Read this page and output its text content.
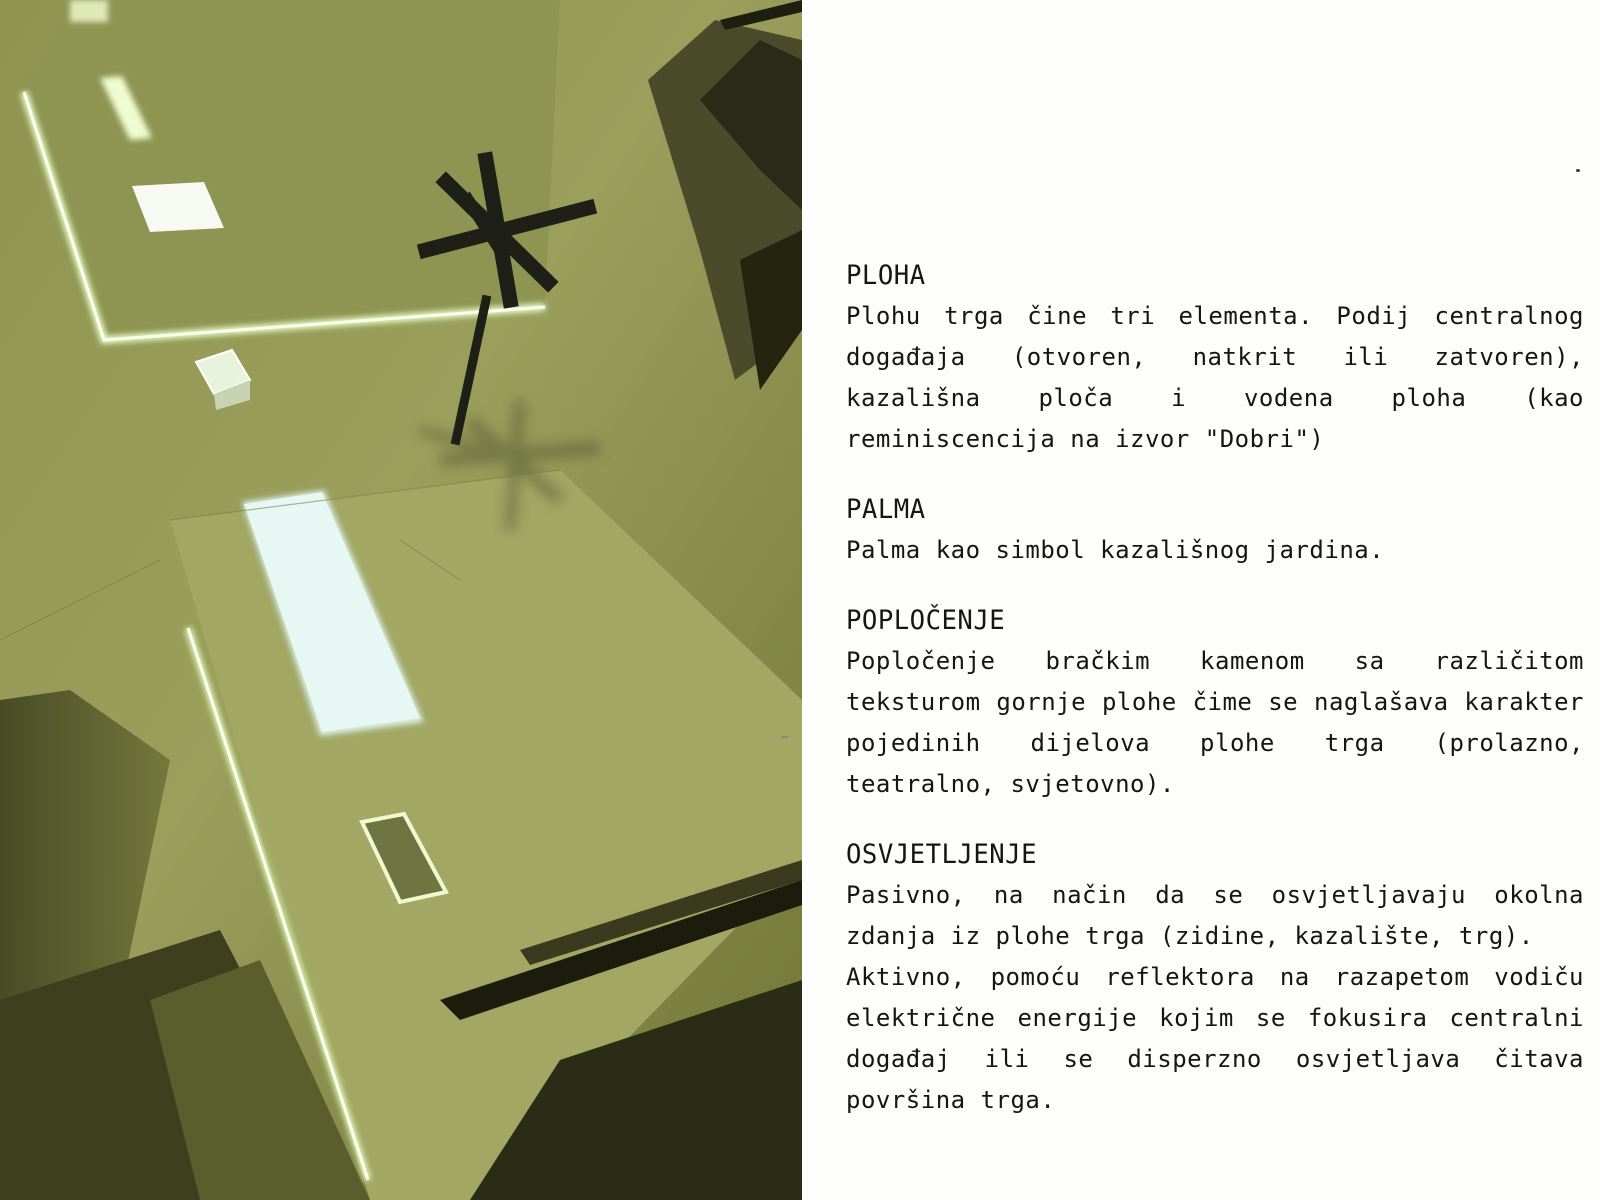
PLOHA

Plohu trga čine tri elementa. Podij centralnog događaja (otvoren, natkrit ili zatvoren), kazališna ploča i vodena ploha (kao reminiscencija na izvor "Dobri")

PALMA

Palma kao simbol kazališnog jardina.

POPLOČENJE

Popločenje bračkim kamenom sa različitom teksturom gornje plohe čime se naglašava karakter pojedinih dijelova plohe trga (prolazno, teatralno, svjetovno).

OSVJETLJENJE

Pasivno, na način da se osvjetljavaju okolna zdanja iz plohe trga (zidine, kazalište, trg).

Aktivno, pomoću reflektora na razapetom vodiču električne energije kojim se fokusira centralni događaj ili se disperzno osvjetljava čitava površina trga.
